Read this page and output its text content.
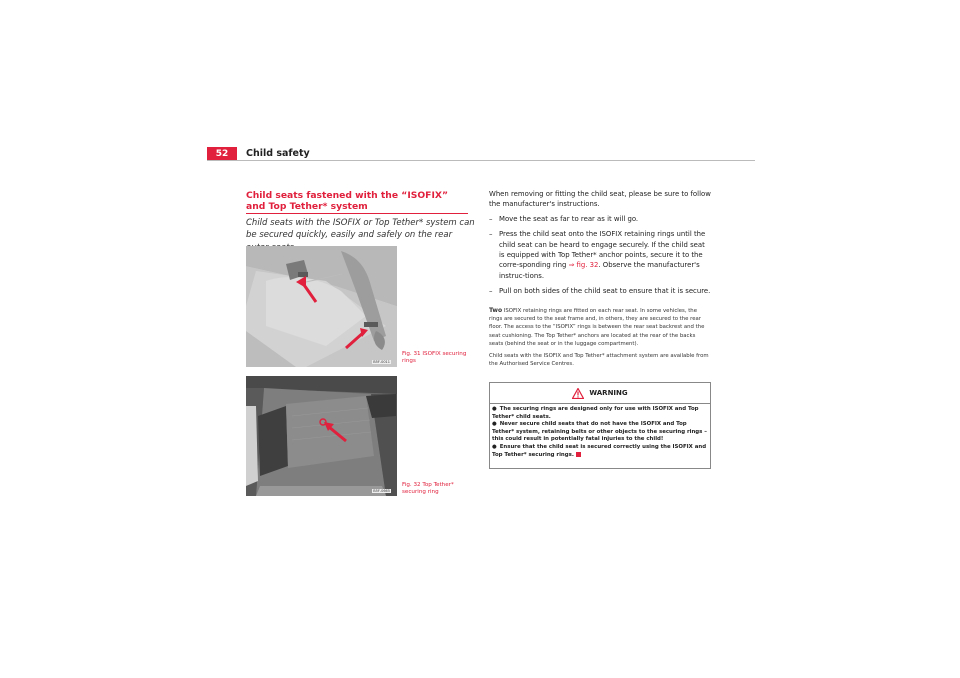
52	Child safety
Child seats fastened with the “ISOFIX” and Top Tether* system
Child seats with the ISOFIX or Top Tether* system can be secured quickly, easily and safely on the rear
B5F-0011
Fig. 31 ISOFIX securing rings
B5F-0665
Fig. 32 Top Tether* securing ring

When removing or fitting the child seat, please be sure to follow the manufacturer's instructions.

– Move the seat as far to rear as it will go.
– Press the child seat onto the ISOFIX retaining rings until the child seat can be heard to engage securely. If the child seat is equipped with Top Tether* anchor points, secure it to the corre-sponding ring ⇒ fig. 32. Observe the manufacturer's instruc-tions.
– Pull on both sides of the child seat to ensure that it is secure.

Two ISOFIX retaining rings are fitted on each rear seat. In some vehicles, the rings are secured to the seat frame and, in others, they are secured to the rear floor. The access to the “ISOFIX” rings is between the rear seat backrest and the seat cushioning. The Top Tether* anchors are located at the rear of the backs seats (behind the seat or in the luggage compartment).

Child seats with the ISOFIX and Top Tether* attachment system are available from the Authorised Service Centres.

WARNING

● The securing rings are designed only for use with ISOFIX and Top Tether* child seats.

● Never secure child seats that do not have the ISOFIX and Top Tether* system, retaining belts or other objects to the securing rings – this could result in potentially fatal injuries to the child!

● Ensure that the child seat is secured correctly using the ISOFIX and Top Tether* securing rings.
